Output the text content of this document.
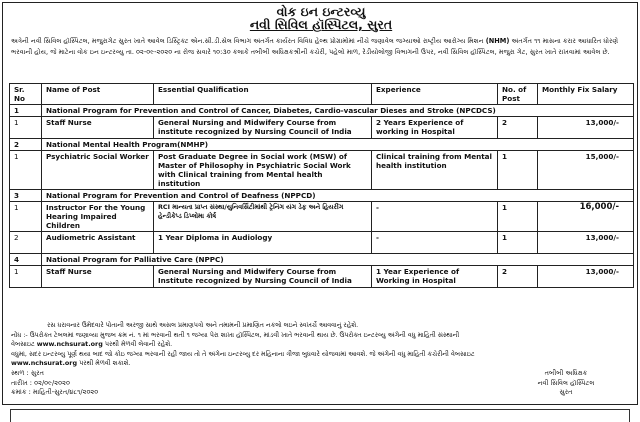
વોક ઇન ઇન્ટરવ્યુ
નવી સિવિલ હૉસ્પિટલ, સુરત
અત્રેની નવી સિવિલ હૉસ્પિટલ, મજુરાગેટ સુરત ખાતે આવેલ ડિસ્ટ્રિક્ટ એન.સી.ડી.સેલ વિભાગ અંતર્ગત કાર્યરત વિવિધ હેલ્થ પ્રોગ્રામોમાં નીચે જણાવેલ જગ્યાઓ રાષ્ટ્રીય આરોગ્ય મિશન (NHM) અંતર્ગત ૧૧ માસના કરાર આધારિત ધોરણે ભરવાની હોય, જે માટેના વોક ઇન ઇન્ટરવ્યુ તા. ૦૨-૦૯-૨૦૨૦ ના રોજ સવારે ૧૦:૩૦ કલાકે તબીબી અધિક્ષકશ્રીની કચેરી, પહેલો માળ, રેડીયોલોજી વિભાગની ઉપર, નવી સિવિલ હૉસ્પિટલ, મજુરા ગેટ, સુરત ખાતે રાખવામાં આવેલ છે.
Sr. No	Name of Post	Essential Qualification	Experience	No. of Post	Monthly Fix Salary
1	National Program for Prevention and Control of Cancer, Diabetes, Cardio-vascular Dieses and Stroke (NPCDCS)				
1	Staff Nurse	General Nursing and Midwifery Course from institute recognized by Nursing Council of India	2 Years Experience of working in Hospital	2	13,000/-
2	National Mental Health Program(NMHP)				
1	Psychiatric Social Worker	Post Graduate Degree in Social work (MSW) of Master of Philosophy in Psychiatric Social Work with Clinical training from Mental health institution	Clinical training from Mental health institution	1	15,000/-
3	National Program for Prevention and Control of Deafness (NPPCD)				
1	Instructor For the Young Hearing Impaired Children	RCI માન્યતા પ્રાપ્ત સંસ્થા/યુનિવર્સિટીમાંથી ટ્રેનિંગ યંગ ડેફ અને હિયરીંગ હેન્ડીકેપ્ડ ડિપ્લોમા કોર્ષ	-	1	16,000/-
2	Audiometric Assistant	1 Year Diploma in Audiology	-	1	13,000/-
4	National Program for Palliative Care (NPPC)				
1	Staff Nurse	General Nursing and Midwifery Course from Institute recognized by Nursing Council of India	1 Year Experience of Working in Hospital	2	13,000/-
રસ ધરાવનાર ઉમેદવારે પોતાની અરજી સાથે અસલ પ્રમાણપત્રો અને તમામની પ્રમાણિત નકલો લઇને સ્વખર્ચે આવવાનું રહેશે.
નોંધ :- ઉપરોક્ત ટેબલમાં જણાવ્યા મુજબ ક્રમ નં. ૧ માં ભરવાની થતી ૧ જગ્યા પેરા શાખા હૉસ્પિટલ, માંડવી ખાતે ભરવાની થાય છે. ઉપરોક્ત ઇન્ટરવ્યુ અંગેની વધુ માહિતી સંસ્થાની
વેબસાઇટ www.nchsurat.org પરથી મેળવી લેવાની રહેશે.
વધુમાં, સદર ઇન્ટરવ્યુ પૂર્ણ થયા બાદ જો કોઇ જગ્યા ભરવાની રહી જાય તો તે અંગેના ઇન્ટરવ્યુ દર મહિનાના ત્રીજા બુધવારે યોજવામાં આવશે. જે અંગેની વધુ માહિતી કચેરીની વેબસાઇટ
www.nchsurat.org પરથી મેળવી શકાશે.
સ્થળ : સુરત
તારીખ : ૦૨/૦૯/૨૦૨૦
ક્રમાંક : માહિતી-સુરત/૪૮૧/૨૦૨૦
તબીબી અધિક્ષક
નવી સિવિલ હૉસ્પિટલ
સુરત
